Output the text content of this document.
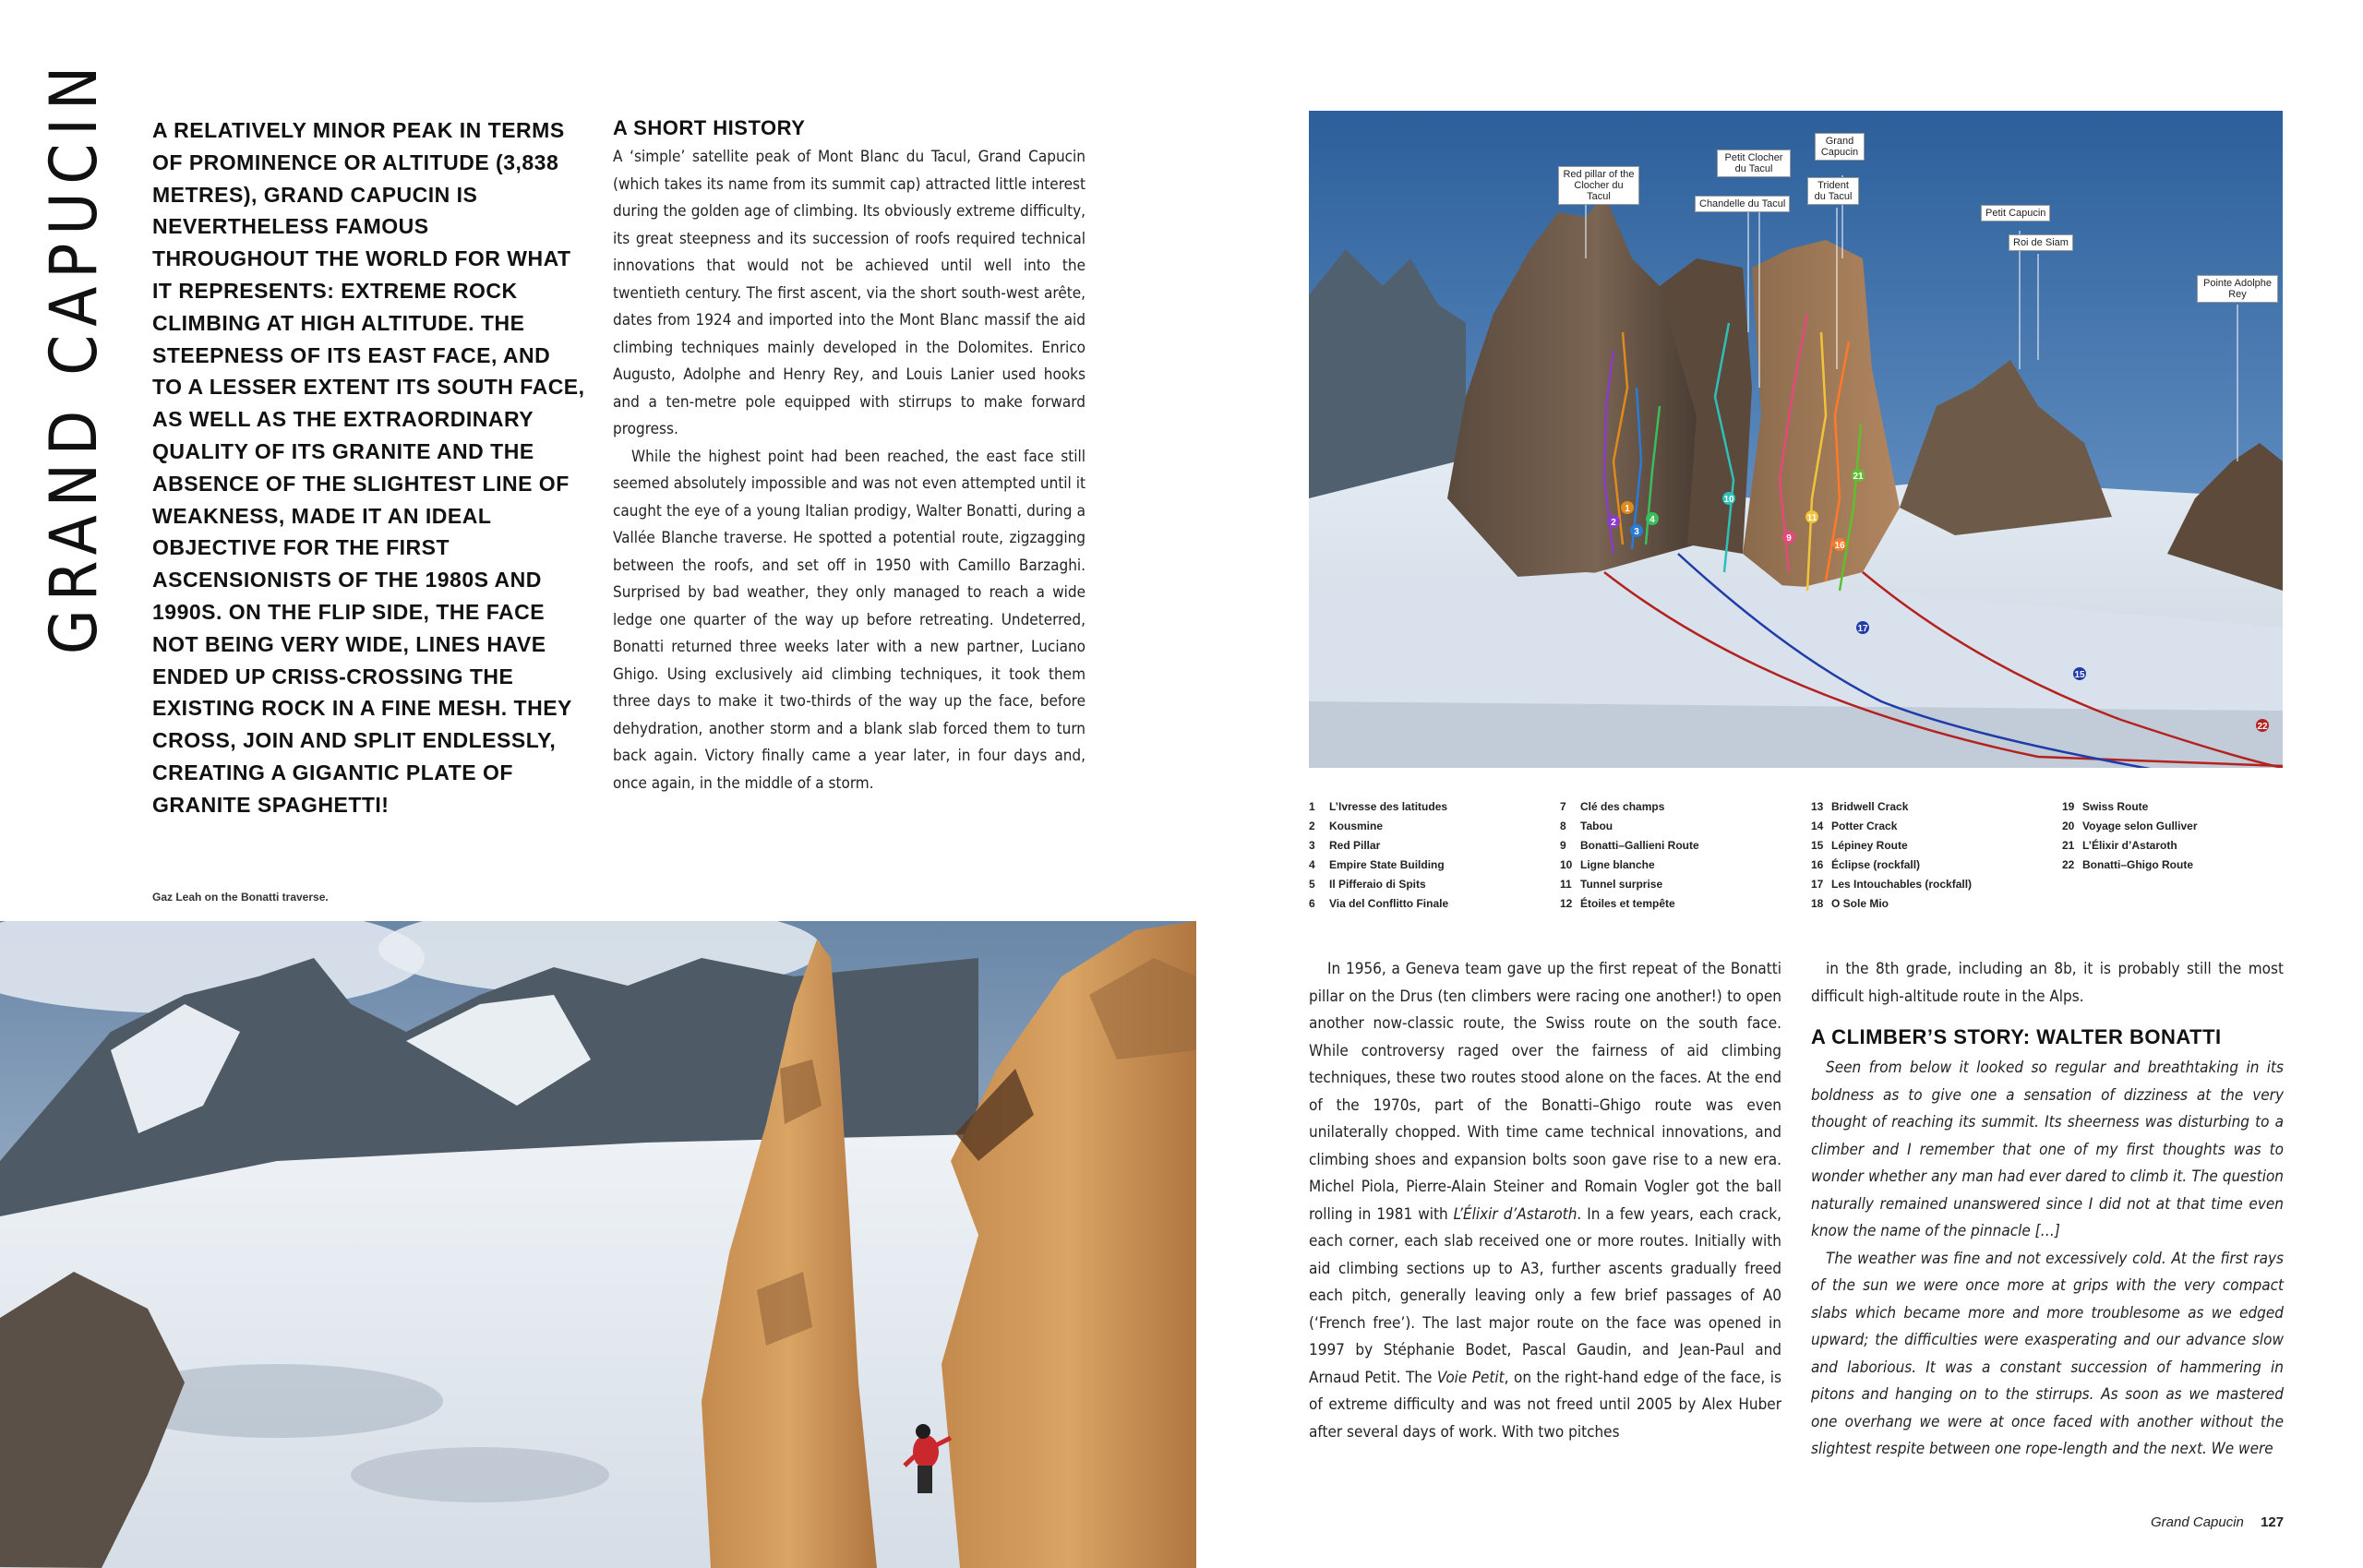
GRAND CAPUCIN A RELATIVELY MINOR PEAK IN TERMS OF PROMINENCE OR ALTITUDE (3,838 METRES), GRAND CAPUCIN IS NEVERTHELESS FAMOUS THROUGHOUT THE WORLD FOR WHAT IT REPRESENTS: EXTREME ROCK CLIMBING AT HIGH ALTITUDE. THE STEEPNESS OF ITS EAST FACE, AND TO A LESSER EXTENT ITS SOUTH FACE, AS WELL AS THE EXTRAORDINARY QUALITY OF ITS GRANITE AND THE ABSENCE OF THE SLIGHTEST LINE OF WEAKNESS, MADE IT AN IDEAL OBJECTIVE FOR THE FIRST ASCENSIONISTS OF THE 1980S AND 1990S. ON THE FLIP SIDE, THE FACE NOT BEING VERY WIDE, LINES HAVE ENDED UP CRISS-CROSSING THE EXISTING ROCK IN A FINE MESH. THEY CROSS, JOIN AND SPLIT ENDLESSLY, CREATING A GIGANTIC PLATE OF GRANITE SPAGHETTI!

A SHORT HISTORY

A ‘simple’ satellite peak of Mont Blanc du Tacul, Grand Capucin (which takes its name from its summit cap) attracted little interest during the golden age of climbing. Its obviously extreme difficulty, its great steepness and its succession of roofs required technical innovations that would not be achieved until well into the twentieth century. The first ascent, via the short south-west arête, dates from 1924 and imported into the Mont Blanc massif the aid climbing techniques mainly developed in the Dolomites. Enrico Augusto, Adolphe and Henry Rey, and Louis Lanier used hooks and a ten-metre pole equipped with stirrups to make forward progress.

While the highest point had been reached, the east face still seemed absolutely impossible and was not even attempted until it caught the eye of a young Italian prodigy, Walter Bonatti, during a Vallée Blanche traverse. He spotted a potential route, zigzagging between the roofs, and set off in 1950 with Camillo Barzaghi. Surprised by bad weather, they only managed to reach a wide ledge one quarter of the way up before retreating. Undeterred, Bonatti returned three weeks later with a new partner, Luciano Ghigo. Using exclusively aid climbing techniques, it took them three days to make it two-thirds of the way up the face, before dehydration, another storm and a blank slab forced them to turn back again. Victory finally came a year later, in four days and, once again, in the middle of a storm.

1
2
3
4
10
9
11
16
21
17
15
22
Red pillar of the Clocher du Tacul
Petit Clocher du Tacul
Chandelle du Tacul
Grand Capucin
Trident du Tacul
Petit Capucin
Roi de Siam
Pointe Adolphe Rey
1 L’Ivresse des latitudes
2 Kousmine
3 Red Pillar
4 Empire State Building
5 Il Pifferaio di Spits
6 Via del Conflitto Finale
7 Clé des champs
8 Tabou
9 Bonatti–Gallieni Route
10 Ligne blanche
11 Tunnel surprise
12 Étoiles et tempête
13 Bridwell Crack
14 Potter Crack
15 Lépiney Route
16 Éclipse (rockfall)
17 Les Intouchables (rockfall)
18 O Sole Mio
19 Swiss Route
20 Voyage selon Gulliver
21 L’Élixir d’Astaroth
22 Bonatti–Ghigo Route
Gaz Leah on the Bonatti traverse.

In 1956, a Geneva team gave up the first repeat of the Bonatti pillar on the Drus (ten climbers were racing one another!) to open another now-classic route, the Swiss route on the south face. While controversy raged over the fairness of aid climbing techniques, these two routes stood alone on the faces. At the end of the 1970s, part of the Bonatti–Ghigo route was even unilaterally chopped. With time came technical innovations, and climbing shoes and expansion bolts soon gave rise to a new era. Michel Piola, Pierre-Alain Steiner and Romain Vogler got the ball rolling in 1981 with L’Élixir d’Astaroth. In a few years, each crack, each corner, each slab received one or more routes. Initially with aid climbing sections up to A3, further ascents gradually freed each pitch, generally leaving only a few brief passages of A0 (‘French free’). The last major route on the face was opened in 1997 by Stéphanie Bodet, Pascal Gaudin, and Jean-Paul and Arnaud Petit. The Voie Petit, on the right-hand edge of the face, is of extreme difficulty and was not freed until 2005 by Alex Huber after several days of work. With two pitches

in the 8th grade, including an 8b, it is probably still the most difficult high-altitude route in the Alps.

A CLIMBER’S STORY: WALTER BONATTI

Seen from below it looked so regular and breathtaking in its boldness as to give one a sensation of dizziness at the very thought of reaching its summit. Its sheerness was disturbing to a climber and I remember that one of my first thoughts was to wonder whether any man had ever dared to climb it. The question naturally remained unanswered since I did not at that time even know the name of the pinnacle […]

The weather was fine and not excessively cold. At the first rays of the sun we were once more at grips with the very compact slabs which became more and more troublesome as we edged upward; the difficulties were exasperating and our advance slow and laborious. It was a constant succession of hammering in pitons and hanging on to the stirrups. As soon as we mastered one overhang we were at once faced with another without the slightest respite between one rope-length and the next. We were

Grand Capucin 127
